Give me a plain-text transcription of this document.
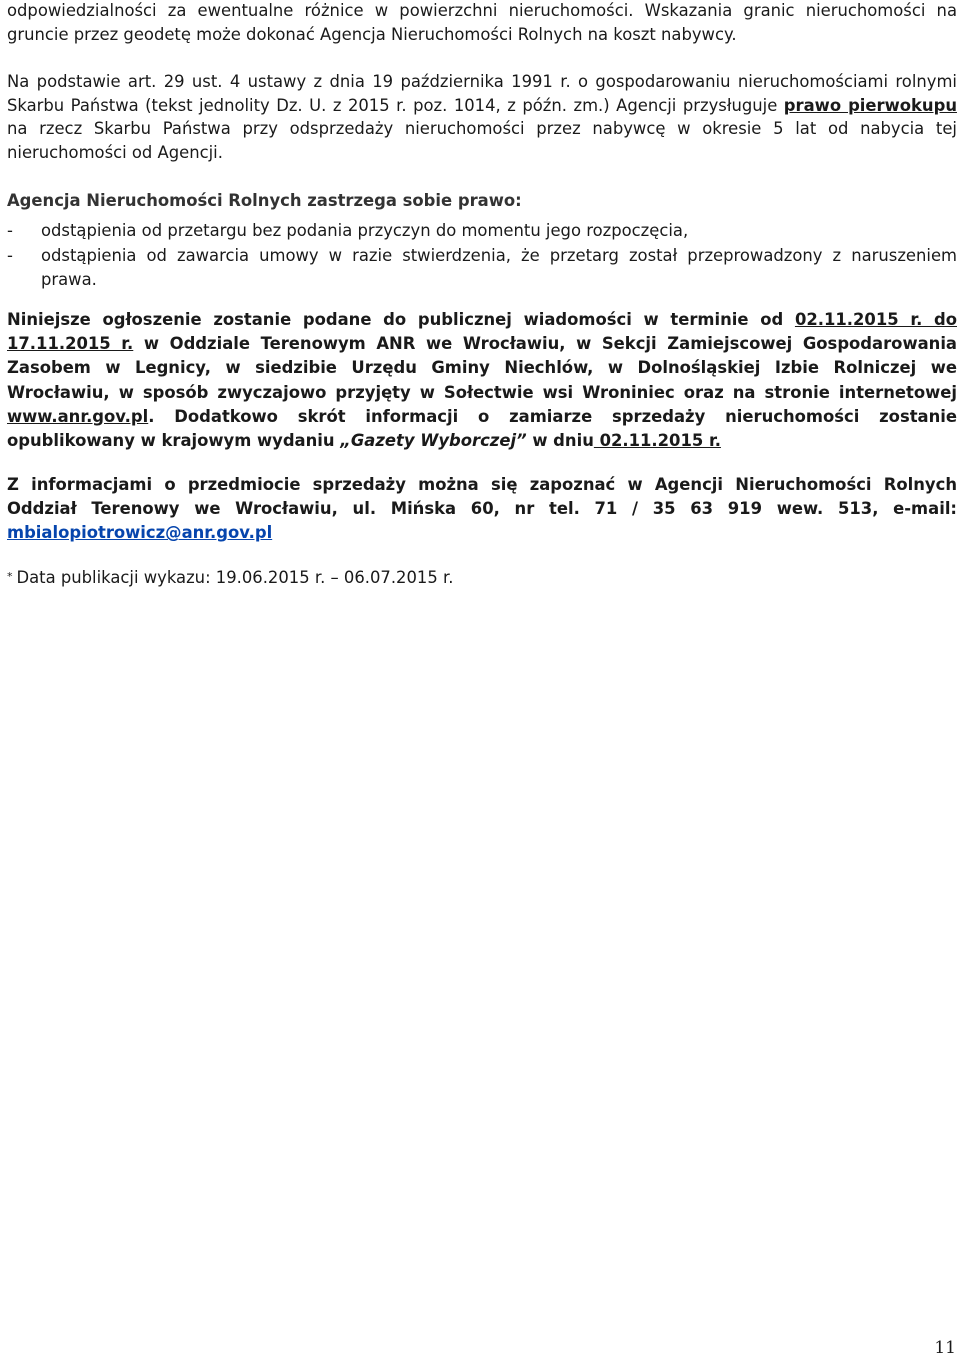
odpowiedzialności za ewentualne różnice w powierzchni nieruchomości. Wskazania granic nieruchomości na gruncie przez geodetę może dokonać Agencja Nieruchomości Rolnych na koszt nabywcy.

Na podstawie art. 29 ust. 4 ustawy z dnia 19 października 1991 r. o gospodarowaniu nieruchomościami rolnymi Skarbu Państwa (tekst jednolity Dz. U. z 2015 r. poz. 1014, z późn. zm.) Agencji przysługuje prawo pierwokupu na rzecz Skarbu Państwa przy odsprzedaży nieruchomości przez nabywcę w okresie 5 lat od nabycia tej nieruchomości od Agencji.

Agencja Nieruchomości Rolnych zastrzega sobie prawo:

- odstąpienia od przetargu bez podania przyczyn do momentu jego rozpoczęcia,
- odstąpienia od zawarcia umowy w razie stwierdzenia, że przetarg został przeprowadzony z naruszeniem prawa.

Niniejsze ogłoszenie zostanie podane do publicznej wiadomości w terminie od 02.11.2015 r. do 17.11.2015 r. w Oddziale Terenowym ANR we Wrocławiu, w Sekcji Zamiejscowej Gospodarowania Zasobem w Legnicy, w siedzibie Urzędu Gminy Niechlów, w Dolnośląskiej Izbie Rolniczej we Wrocławiu, w sposób zwyczajowo przyjęty w Sołectwie wsi Wroniniec oraz na stronie internetowej www.anr.gov.pl. Dodatkowo skrót informacji o zamiarze sprzedaży nieruchomości zostanie opublikowany w krajowym wydaniu „Gazety Wyborczej” w dniu 02.11.2015 r.

Z informacjami o przedmiocie sprzedaży można się zapoznać w Agencji Nieruchomości Rolnych Oddział Terenowy we Wrocławiu, ul. Mińska 60, nr tel. 71 / 35 63 919 wew. 513, e-mail: mbialopiotrowicz@anr.gov.pl

* Data publikacji wykazu: 19.06.2015 r. – 06.07.2015 r.

11
